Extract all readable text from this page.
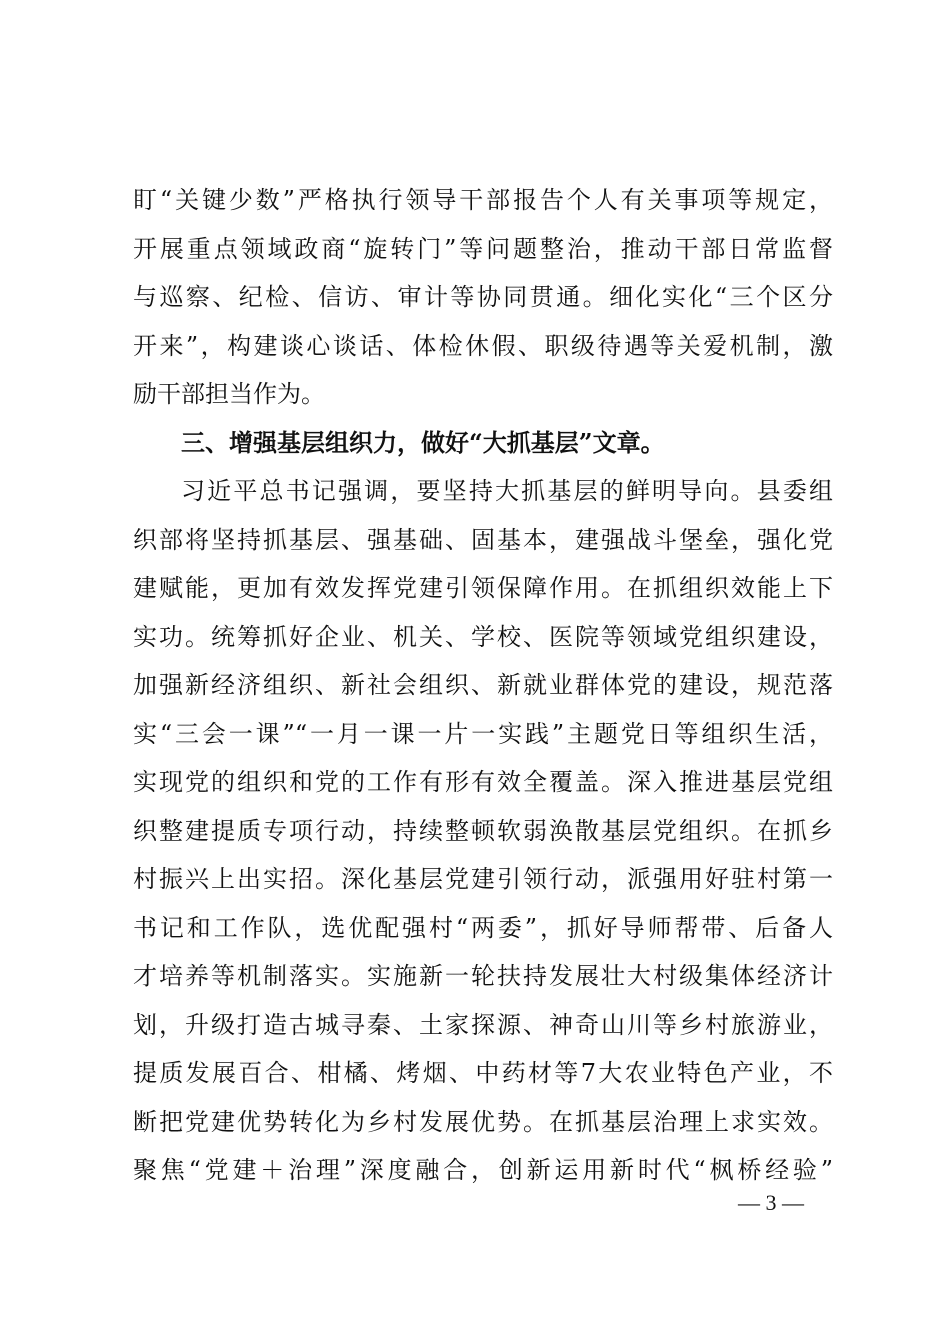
盯“关键少数”严格执行领导干部报告个人有关事项等规定，
开展重点领域政商“旋转门”等问题整治，推动干部日常监督
与巡察、纪检、信访、审计等协同贯通。细化实化“三个区分
开来”，构建谈心谈话、体检休假、职级待遇等关爱机制，激
励干部担当作为。
三、增强基层组织力，做好“大抓基层”文章。
习近平总书记强调，要坚持大抓基层的鲜明导向。县委组
织部将坚持抓基层、强基础、固基本，建强战斗堡垒，强化党
建赋能，更加有效发挥党建引领保障作用。在抓组织效能上下
实功。统筹抓好企业、机关、学校、医院等领域党组织建设，
加强新经济组织、新社会组织、新就业群体党的建设，规范落
实“三会一课”“一月一课一片一实践”主题党日等组织生活，
实现党的组织和党的工作有形有效全覆盖。深入推进基层党组
织整建提质专项行动，持续整顿软弱涣散基层党组织。在抓乡
村振兴上出实招。深化基层党建引领行动，派强用好驻村第一
书记和工作队，选优配强村“两委”，抓好导师帮带、后备人
才培养等机制落实。实施新一轮扶持发展壮大村级集体经济计
划，升级打造古城寻秦、土家探源、神奇山川等乡村旅游业，
提质发展百合、柑橘、烤烟、中药材等7大农业特色产业，不
断把党建优势转化为乡村发展优势。在抓基层治理上求实效。
聚焦“党建＋治理”深度融合，创新运用新时代“枫桥经验”
— 3 —
